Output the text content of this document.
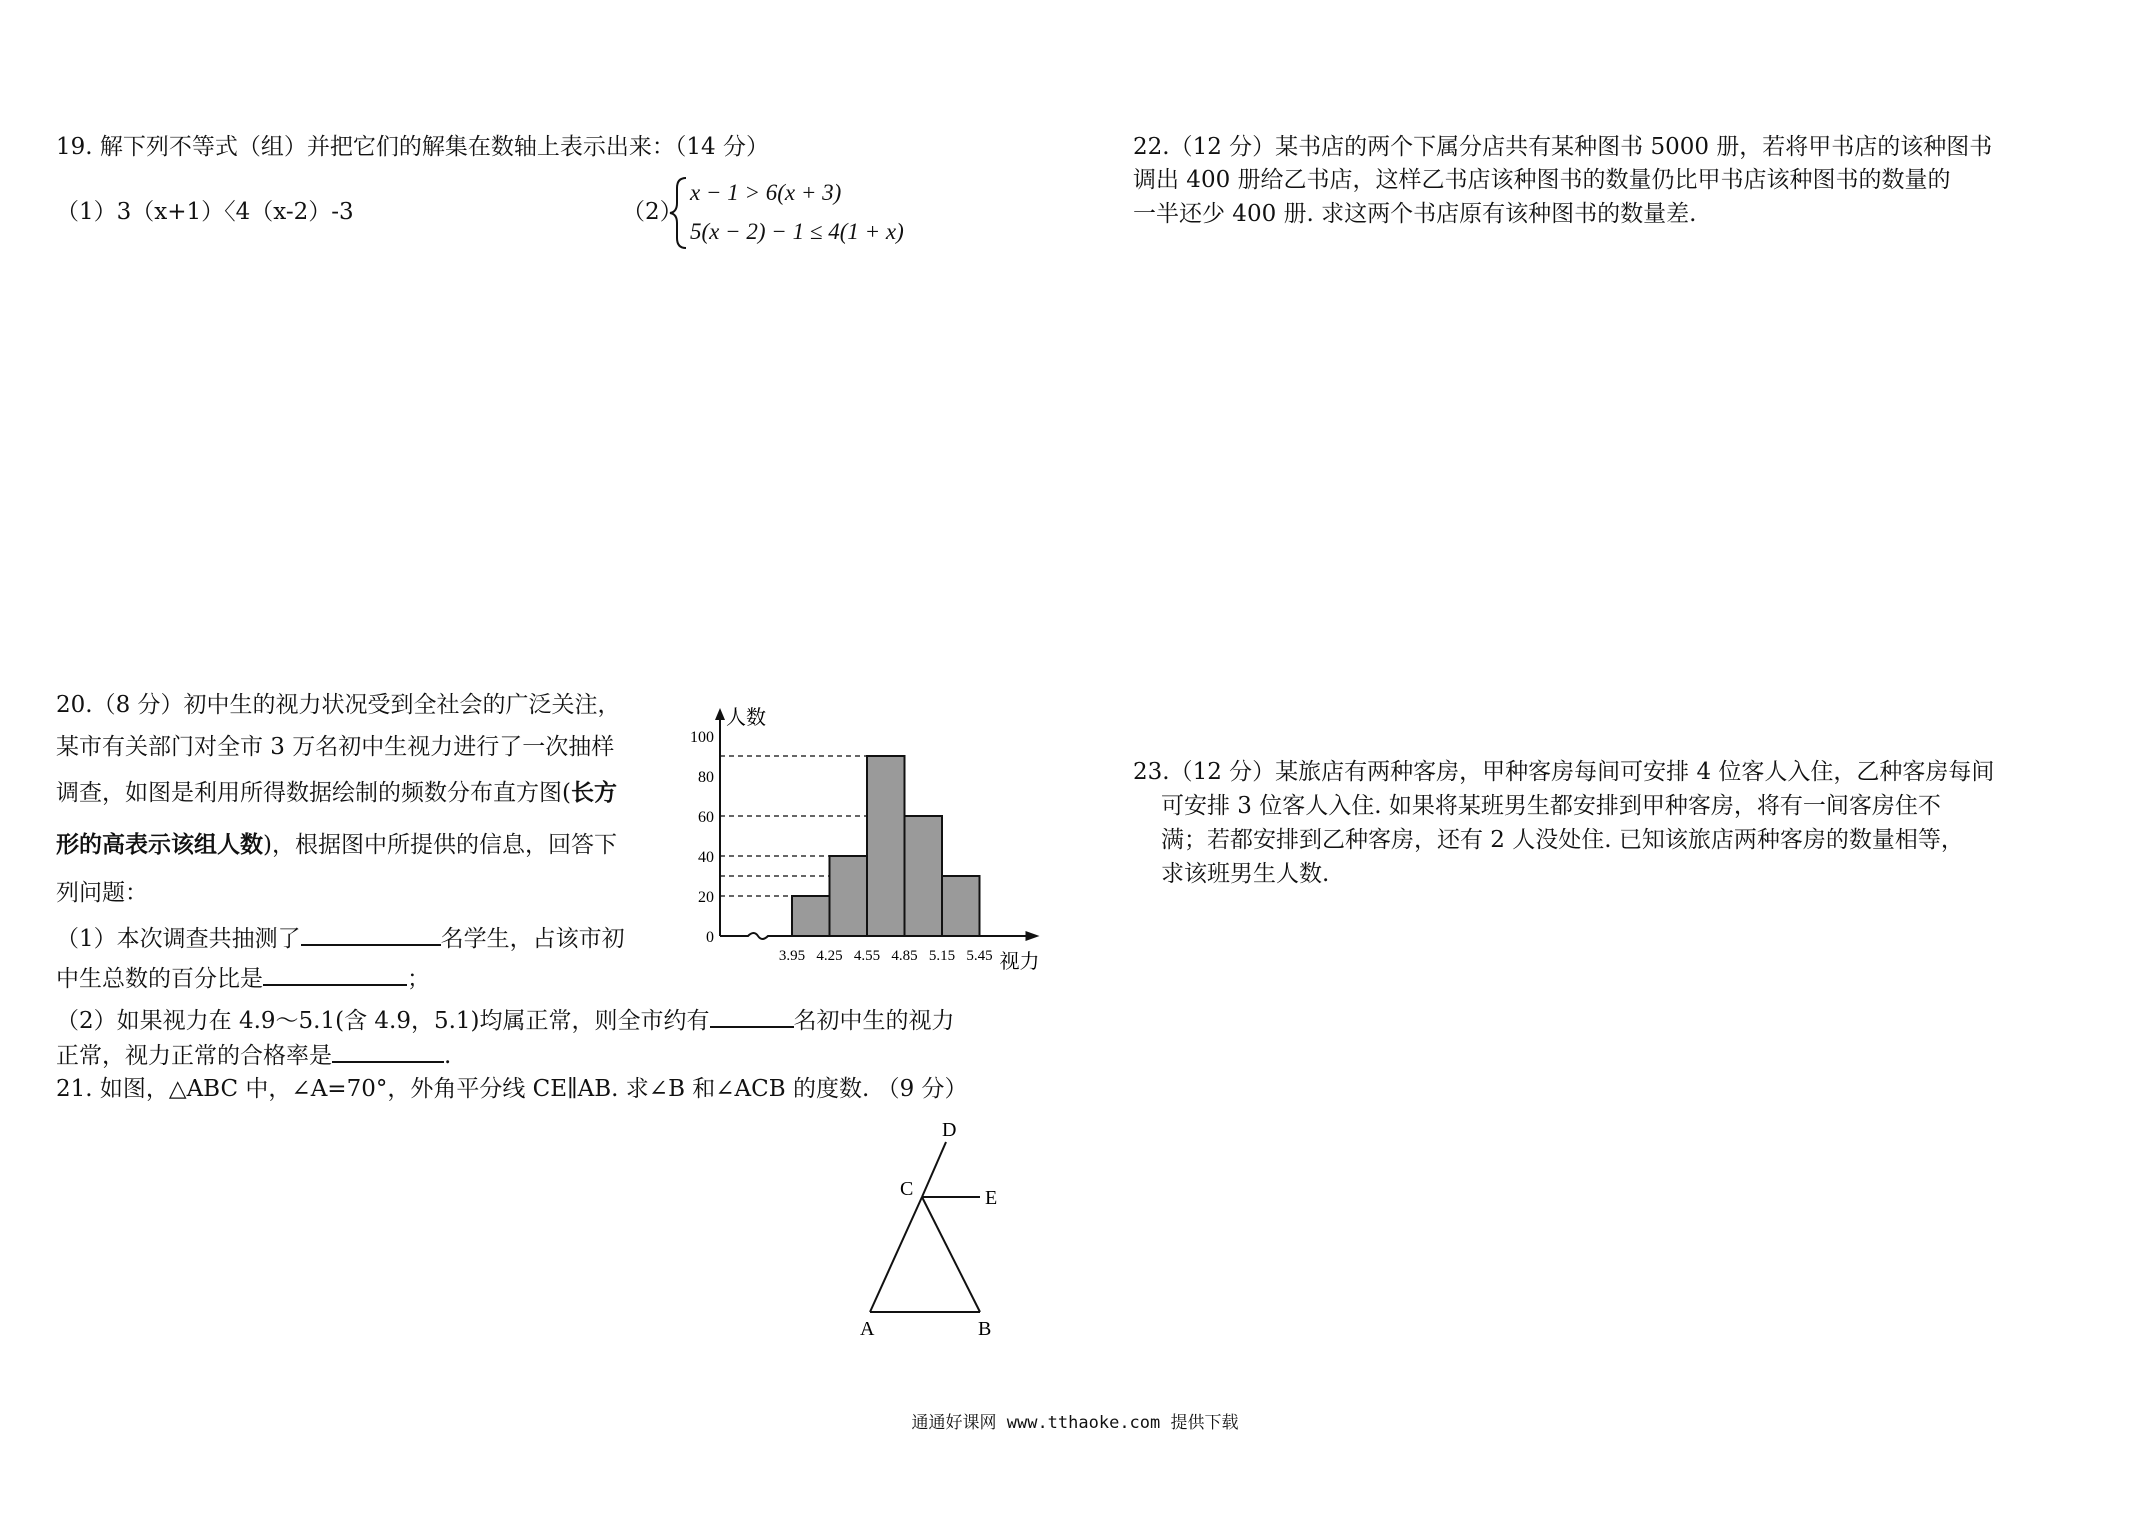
19. 解下列不等式（组）并把它们的解集在数轴上表示出来：（14 分）
（1）3（x+1）〈4（x-2）-3	（2）
x − 1 > 6(x + 3)
5(x − 2) − 1 ≤ 4(1 + x)
20.（8 分）初中生的视力状况受到全社会的广泛关注，
某市有关部门对全市 3 万名初中生视力进行了一次抽样
调查，如图是利用所得数据绘制的频数分布直方图(长方
形的高表示该组人数)，根据图中所提供的信息，回答下
列问题：
（1）本次调查共抽测了	名学生，占该市初
中生总数的百分比是	；
（2）如果视力在 4.9～5.1(含 4.9，5.1)均属正常，则全市约有	名初中生的视力
正常，视力正常的合格率是	.
0
20
40
60
80
100
3.95 4.25 4.55 4.85 5.15 5.45
人数
视力
21. 如图，△ABC 中，∠A=70°，外角平分线 CE∥AB. 求∠B 和∠ACB 的度数. （9 分）
A	B
C
D
E
22.（12 分）某书店的两个下属分店共有某种图书 5000 册，若将甲书店的该种图书
调出 400 册给乙书店，这样乙书店该种图书的数量仍比甲书店该种图书的数量的
一半还少 400 册. 求这两个书店原有该种图书的数量差.
23.（12 分）某旅店有两种客房，甲种客房每间可安排 4 位客人入住，乙种客房每间
可安排 3 位客人入住. 如果将某班男生都安排到甲种客房，将有一间客房住不
满；若都安排到乙种客房，还有 2 人没处住. 已知该旅店两种客房的数量相等，
求该班男生人数.
通通好课网 www.tthaoke.com 提供下载
